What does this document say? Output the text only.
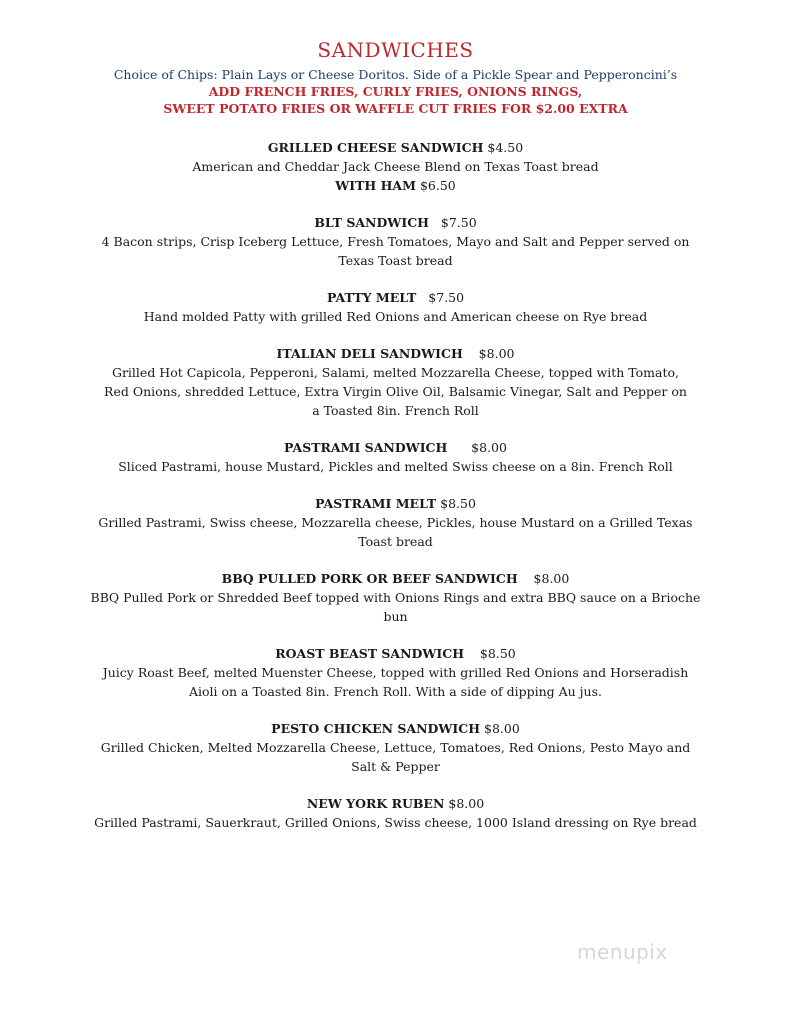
SANDWICHES
Choice of Chips: Plain Lays or Cheese Doritos. Side of a Pickle Spear and Pepperoncini’s
ADD FRENCH FRIES, CURLY FRIES, ONIONS RINGS,
SWEET POTATO FRIES OR WAFFLE CUT FRIES FOR $2.00 EXTRA
GRILLED CHEESE SANDWICH $4.50
American and Cheddar Jack Cheese Blend on Texas Toast bread
WITH HAM $6.50
BLT SANDWICH   $7.50
4 Bacon strips, Crisp Iceberg Lettuce, Fresh Tomatoes, Mayo and Salt and Pepper served on Texas Toast bread
PATTY MELT   $7.50
Hand molded Patty with grilled Red Onions and American cheese on Rye bread
ITALIAN DELI SANDWICH    $8.00
Grilled Hot Capicola, Pepperoni, Salami, melted Mozzarella Cheese, topped with Tomato, Red Onions, shredded Lettuce, Extra Virgin Olive Oil, Balsamic Vinegar, Salt and Pepper on a Toasted 8in. French Roll
PASTRAMI SANDWICH      $8.00
Sliced Pastrami, house Mustard, Pickles and melted Swiss cheese on a 8in. French Roll
PASTRAMI MELT $8.50
Grilled Pastrami, Swiss cheese, Mozzarella cheese, Pickles, house Mustard on a Grilled Texas Toast bread
BBQ PULLED PORK OR BEEF SANDWICH    $8.00
BBQ Pulled Pork or Shredded Beef topped with Onions Rings and extra BBQ sauce on a Brioche bun
ROAST BEAST SANDWICH    $8.50
Juicy Roast Beef, melted Muenster Cheese, topped with grilled Red Onions and Horseradish Aioli on a Toasted 8in. French Roll. With a side of dipping Au jus.
PESTO CHICKEN SANDWICH $8.00
Grilled Chicken, Melted Mozzarella Cheese, Lettuce, Tomatoes, Red Onions, Pesto Mayo and Salt & Pepper
NEW YORK RUBEN $8.00
Grilled Pastrami, Sauerkraut, Grilled Onions, Swiss cheese, 1000 Island dressing on Rye bread
menupix
